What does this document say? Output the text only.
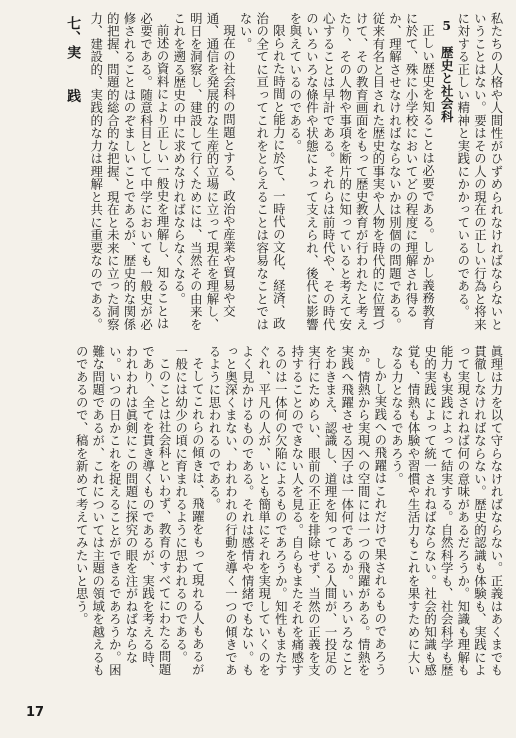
私たちの人格や人間性がひずめられなければならないということはない。要はその人の現在の正しい行為と将来に対する正しい精神と実践にかかっているのである。

5　歴史と社会科

正しい歴史を知ることは必要である。しかし義務教育に於て、殊に小学校においてどの程度に理解され得るか、理解させなければならないかは別個の問題である。従来有名と目された歴史的事実や人物を時代的に位置づけて、その教育画面をもって歴史教育が行われたと考えたり、その人物や事項を断片的に知っていると考えて安心することは早計である。それらは前時代や、その時代のいろいろな條件や状態によって支えられ、後代に影響を與えているのである。

限られた時間と能力に於て、一時代の文化、経済、政治の全てに亘ってこれをとらえることは容易なことではない。

現在の社会科の問題とする、政治や産業や貿易や交通、通信を発展的な生産的立場に立って現在を理解し、明日を洞察し、建設して行くためには、当然その由来をこれを遡る歴史の中に求めなければならなくなる。

前述の資料により正しい一般史を理解し、知ることは必要である。随意科目として中学においても一般史が必修されることはのぞましいことであるが、歴史的な関係的把握、問題的総合的な把握、現在と未来に立った洞察力、建設的、実践的な力は理解と共に重要なのである。

七、実　　践

眞理は力を以て守らなければならない。正義はあくまでも貫徹しなければならない。歴史的認識も体験も、実践によって実現されねば何の意味があるだろうか。知識も理解も能力も実践によって結実する。自然科学も、社会科学も歴史的実践によって統一されねばならない。社会的知識も感覚も、情熱も体験や習慣や生活力もこれを果すために大いなる力となるであろう。

しかし実践への飛躍はこれだけで果されるものであろうか。情熱から実現への空間には一つの飛躍がある。情熱を実践へ飛躍させる因子は一体何であるか。いろいろなことをわきまえ、認識し、道理を知っている人間が、一投足の実行にためらい、眼前の不正を排除せず、当然の正義を支持することのできない人を見る。自らもまたそれを痛感するのは一体何の欠陥によるものであろうか。知性もまたすぐれ、平凡の人が、いとも簡単にそれを実現していくのをよく見かけるものである。それは感情や情緒でもない。もっと奥深くまない、われわれの行動を導く一つの傾きであるように思われるのである。

そしてこれらの傾きは、飛躍をもって現れる人もあるが一般には幼少の頃に育まれるように思われるのである。

このことは社会科といわず、教育のすべてにわたる問題であり、全てを貫き導くものであるが、実践を考える時、われわれは眞剣にこの問題に探究の眼を注がねばならない。いつの日かこれを捉えることができるであろうか。困難な問題であるが、これについては主題の領域を越えるものであるので、稿を新めて考えてみたいと思う。

17
